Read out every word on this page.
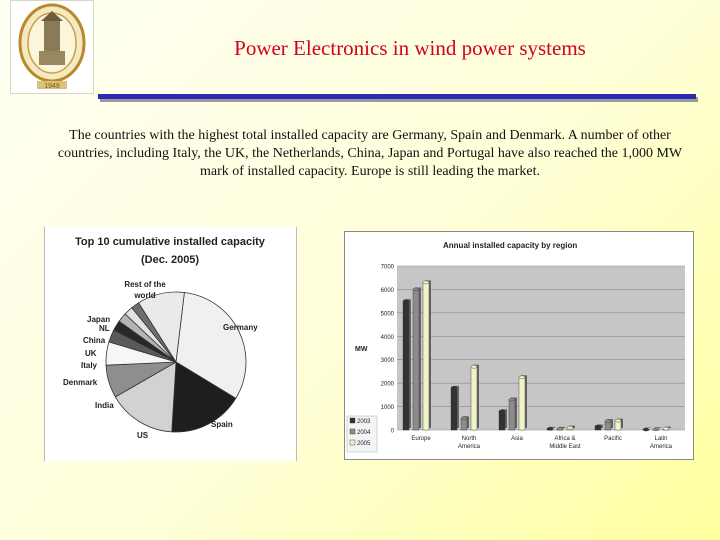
1949
Power Electronics in wind power systems
The countries with the highest total installed capacity are Germany, Spain and Denmark. A number of other countries, including Italy, the UK, the Netherlands, China, Japan and Portugal have also reached the 1,000 MW mark of installed capacity. Europe is still leading the market.
Top 10 cumulative installed capacity
(Dec. 2005)
Germany
Spain
US
India
Denmark
Italy
UK
China
NL
Japan
Rest of the world
Annual installed capacity by region
0
1000
2000
3000
4000
5000
6000
7000
MW
Europe	North
America
Asia	Africa &
Middle East
Pacific	Latin
America
2003
2004
2005
